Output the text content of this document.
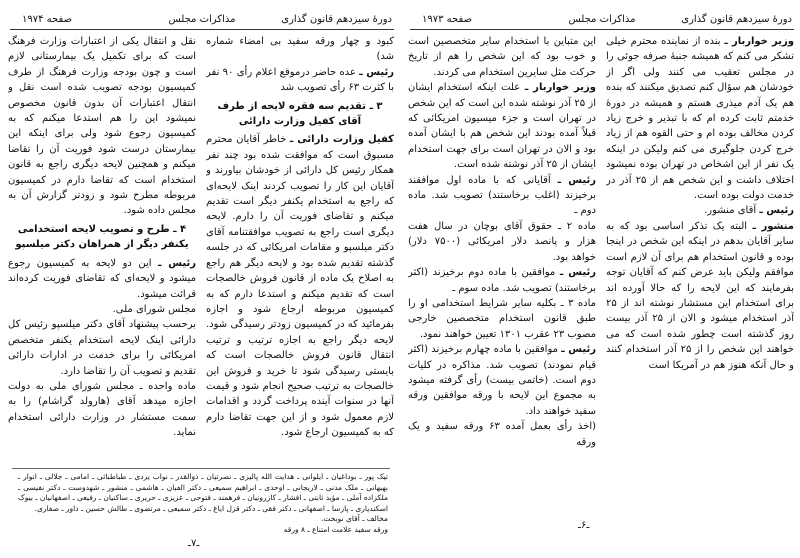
دورهٔ سیزدهم قانون گذاری
مذاکرات مجلس
صفحه ۱۹۷۴

کبود و چهار ورقه سفید بی امضاء شماره شد)

رئیس ـ عده حاضر درموقع اعلام رأی ۹۰ نفر با کثرت ۶۳ رأی تصویب شد

۳ ـ تقدیم سه فقره لایحه از طرف آقای کفیل وزارت دارائی

کفیل وزارت دارائی ـ خاطر آقایان محترم مسبوق است که موافقت شده بود چند نفر همکار رئیس کل دارائی از خودشان بیاورند و آقایان این کار را تصویب کردند اینک لایحه‌ای که راجع به استخدام یکنفر دیگر است تقدیم میکنم و تقاضای فوریت آن را دارم. لایحه دیگری است راجع به تصویب موافقتنامه آقای دکتر میلسپو و مقامات امریکائی که در جلسه گذشته تقدیم شده بود و لایحه دیگر هم راجع به اصلاح یک ماده از قانون فروش خالصجات است که تقدیم میکنم و استدعا دارم که به کمیسیون مربوطه ارجاع شود و اجازه بفرمائید که در کمیسیون زودتر رسیدگی شود. لایحه دیگر راجع به اجازه ترتیب و ترتیب انتقال قانون فروش خالصجات است که بایستی رسیدگی شود تا خرید و فروش این خالصجات به ترتیب صحیح انجام شود و قیمت آنها در سنوات آینده پرداخت گردد و اقدامات لازم معمول شود و از این جهت تقاضا دارم که به کمیسیون ارجاع شود.

نقل و انتقال یکی از اعتبارات وزارت فرهنگ است که برای تکمیل یک بیمارستانی لازم است و چون بودجه وزارت فرهنگ از طرف کمیسیون بودجه تصویب شده است نقل و انتقال اعتبارات آن بدون قانون مخصوص نمیشود این را هم استدعا میکنم که به کمیسیون رجوع شود ولی برای اینکه این بیمارستان درست شود فوریت آن را تقاضا میکنم و همچنین لایحه دیگری راجع به قانون استخدام است که تقاضا دارم در کمیسیون مربوطه مطرح شود و زودتر گزارش آن به مجلس داده شود.

۴ ـ طرح و تصویب لایحه استخدامی یکنفر دیگر از همراهان دکتر میلسپو

رئیس ـ این دو لایحه به کمیسیون رجوع میشود و لایحه‌ای که تقاضای فوریت کرده‌اند قرائت میشود.

مجلس شورای ملی.

برحسب پیشنهاد آقای دکتر میلسپو رئیس کل دارائی اینک لایحه استخدام یکنفر متخصص امریکائی را برای خدمت در ادارات دارائی تقدیم و تصویب آن را تقاضا دارد.

ماده واحده ـ مجلس شورای ملی به دولت اجازه میدهد آقای (هارولد گراشام) را به سمت مستشار در وزارت دارائی استخدام نماید.

تیک پور ـ بوداغیان ـ ایلوانی ـ هدایت الله پالیزی ـ نصرتیان ـ ذوالقدر ـ نواب یزدی ـ طباطبائی ـ امامی ـ جلالی ـ انوار ـ بهبهانی ـ ملک مدنی ـ لاریجانی ـ اوحدی ـ ابراهیم سمیعی ـ دکتر الفبان ـ هاشمی ـ منشور ـ شهدوست ـ دکتر نفیسی ـ ملکزاده آملی ـ مؤید ثابتی ـ افشار ـ کازرونیان ـ فرهمند ـ فتوحی ـ عزیزی ـ حریری ـ ساکنیان ـ رفیعی ـ اصفهانیان ـ بیوک اسکندیاری ـ پارسا ـ اصفهانی ـ دکتر فقی ـ دکتر قزل ایاغ ـ دکتر سمیعی ـ مرتضوی ـ طالش حسین ـ داور ـ صفاری.
مخالف ـ آقای نوبخت.
ورقه سفید علامت امتناع ـ ۸ ورقه
ـ۷ـ
دورهٔ سیزدهم قانون گذاری
مذاکرات مجلس
صفحه ۱۹۷۳

وزیر خواربار ـ بنده از نماینده محترم خیلی تشکر می کنم که همیشه جنبهٔ صرفه جوئی را در مجلس تعقیب می کنند ولی اگر از خودشان هم سؤال کنم تصدیق میکنند که بنده هم یک آدم میذری هستم و همیشه در دورهٔ خدمتم ثابت کرده ام که با تبذیر و خرج زیاد کردن مخالف بوده ام و حتی القوه هم از زیاد خرج کردن جلوگیری می کنم ولیکن در اینکه یک نفر از این اشخاص در تهران بوده نمیشود اختلاف داشت و این شخص هم از ۲۵ آذر در خدمت دولت بوده است.

رئیس ـ آقای منشور.

منشور ـ البته یک تذکر اساسی بود که به سایر آقایان بدهم در اینکه این شخص در اینجا بوده و قانون استخدام هم برای آن لازم است موافقم ولیکن باید عرض کنم که آقایان توجه بفرمایند که این لایحه را که حالا آورده اند برای استخدام این مستشار نوشته اند از ۲۵ آذر استخدام میشود و الان از ۲۵ آذر بیست روز گذشته است چطور شده است که می خواهند این شخص را از ۲۵ آذر استخدام کنند و حال آنکه هنوز هم در آمریکا است

این متباین با استخدام سایر متخصصین است و خوب بود که این شخص را هم از تاریخ حرکت مثل سایرین استخدام می کردند.

وزیر خواربار ـ علت اینکه استخدام ایشان از ۲۵ آذر نوشته شده این است که این شخص در تهران است و جزء میسیون امریکائی که قبلاً آمده بودند این شخص هم با ایشان آمده بود و الان در تهران است برای جهت استخدام ایشان از ۲۵ آذر نوشته شده است.

رئیس ـ آقایانی که با ماده اول موافقند برخیزند (اغلب برخاستند) تصویب شد. ماده دوم ـ

ماده ۲ ـ حقوق آقای بوچان در سال هفت هزار و پانصد دلار امریکائی (۷۵۰۰ دلار) خواهد بود.

رئیس ـ موافقین با ماده دوم برخیزند (اکثر برخاستند) تصویب شد. ماده سوم ـ

ماده ۳ ـ بکلیه سایر شرایط استخدامی او را طبق قانون استخدام متخصصین خارجی مصوب ۲۳ عقرب ۱۳۰۱ تعیین خواهند نمود.

رئیس ـ موافقین با ماده چهارم برخیزند (اکثر قیام نمودند) تصویب شد. مذاکره در کلیات دوم است. (خاتمی بیست) رأی گرفته میشود به مجموع این لایحه با ورقه موافقین ورقه سفید خواهند داد.

(اخذ رأی بعمل آمده ۶۳ ورقه سفید و یک ورقه

ـ۶ـ
